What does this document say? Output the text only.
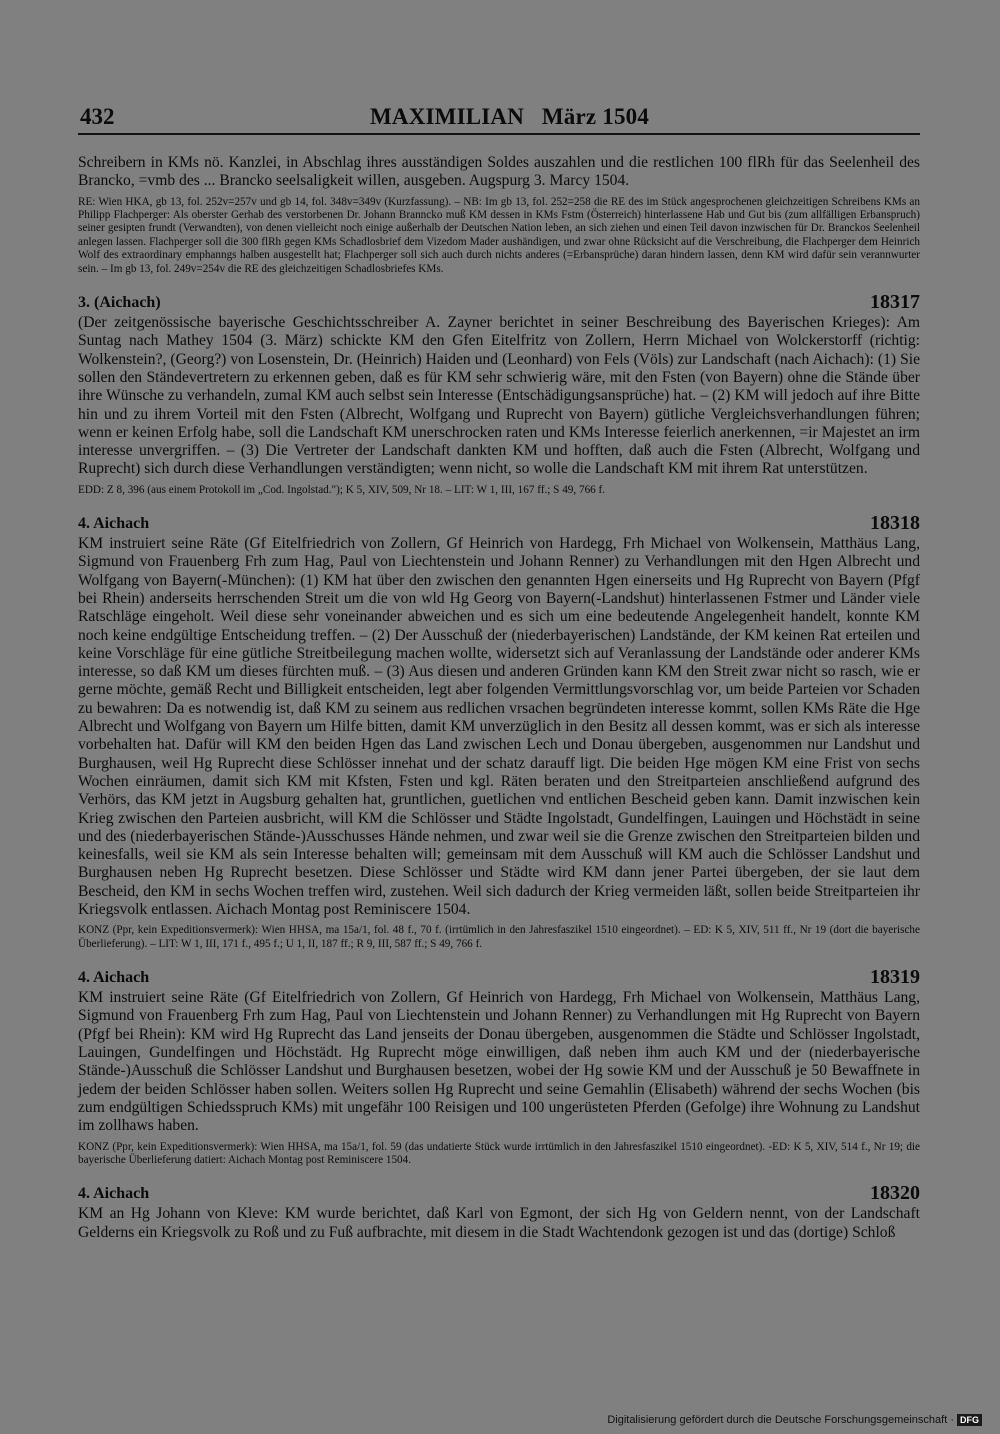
432	MAXIMILIAN   März 1504

Schreibern in KMs nö. Kanzlei, in Abschlag ihres ausständigen Soldes auszahlen und die restlichen 100 flRh für das Seelenheil des Brancko, =vmb des ... Brancko seelsaligkeit willen, ausgeben. Augspurg 3. Marcy 1504.

RE: Wien HKA, gb 13, fol. 252v=257v und gb 14, fol. 348v=349v (Kurzfassung). – NB: Im gb 13, fol. 252=258 die RE des im Stück angesprochenen gleichzeitigen Schreibens KMs an Philipp Flachperger: Als oberster Gerhab des verstorbenen Dr. Johann Branncko muß KM dessen in KMs Fstm (Österreich) hinterlassene Hab und Gut bis (zum allfälligen Erbanspruch) seiner gesipten frundt (Verwandten), von denen vielleicht noch einige außerhalb der Deutschen Nation leben, an sich ziehen und einen Teil davon inzwischen für Dr. Branckos Seelenheil anlegen lassen. Flachperger soll die 300 flRh gegen KMs Schadlosbrief dem Vizedom Mader aushändigen, und zwar ohne Rücksicht auf die Verschreibung, die Flachperger dem Heinrich Wolf des extraordinary emphanngs halben ausgestellt hat; Flachperger soll sich auch durch nichts anderes (=Erbansprüche) daran hindern lassen, denn KM wird dafür sein verannwurter sein. – Im gb 13, fol. 249v=254v die RE des gleichzeitigen Schadlosbriefes KMs.

3. (Aichach)	18317

(Der zeitgenössische bayerische Geschichtsschreiber A. Zayner berichtet in seiner Beschreibung des Bayerischen Krieges): Am Suntag nach Mathey 1504 (3. März) schickte KM den Gfen Eitelfritz von Zollern, Herrn Michael von Wolckerstorff (richtig: Wolkenstein?, (Georg?) von Losenstein, Dr. (Heinrich) Haiden und (Leonhard) von Fels (Völs) zur Landschaft (nach Aichach): (1) Sie sollen den Ständevertretern zu erkennen geben, daß es für KM sehr schwierig wäre, mit den Fsten (von Bayern) ohne die Stände über ihre Wünsche zu verhandeln, zumal KM auch selbst sein Interesse (Entschädigungsansprüche) hat. – (2) KM will jedoch auf ihre Bitte hin und zu ihrem Vorteil mit den Fsten (Albrecht, Wolfgang und Ruprecht von Bayern) gütliche Vergleichsverhandlungen führen; wenn er keinen Erfolg habe, soll die Landschaft KM unerschrocken raten und KMs Interesse feierlich anerkennen, =ir Majestet an irm interesse unvergriffen. – (3) Die Vertreter der Landschaft dankten KM und hofften, daß auch die Fsten (Albrecht, Wolfgang und Ruprecht) sich durch diese Verhandlungen verständigten; wenn nicht, so wolle die Landschaft KM mit ihrem Rat unterstützen.

EDD: Z 8, 396 (aus einem Protokoll im „Cod. Ingolstad."); K 5, XIV, 509, Nr 18. – LIT: W 1, III, 167 ff.; S 49, 766 f.

4. Aichach	18318

KM instruiert seine Räte (Gf Eitelfriedrich von Zollern, Gf Heinrich von Hardegg, Frh Michael von Wolkensein, Matthäus Lang, Sigmund von Frauenberg Frh zum Hag, Paul von Liechtenstein und Johann Renner) zu Verhandlungen mit den Hgen Albrecht und Wolfgang von Bayern(-München): (1) KM hat über den zwischen den genannten Hgen einerseits und Hg Ruprecht von Bayern (Pfgf bei Rhein) anderseits herrschenden Streit um die von wld Hg Georg von Bayern(-Landshut) hinterlassenen Fstmer und Länder viele Ratschläge eingeholt. Weil diese sehr voneinander abweichen und es sich um eine bedeutende Angelegenheit handelt, konnte KM noch keine endgültige Entscheidung treffen. – (2) Der Ausschuß der (niederbayerischen) Landstände, der KM keinen Rat erteilen und keine Vorschläge für eine gütliche Streitbeilegung machen wollte, widersetzt sich auf Veranlassung der Landstände oder anderer KMs interesse, so daß KM um dieses fürchten muß. – (3) Aus diesen und anderen Gründen kann KM den Streit zwar nicht so rasch, wie er gerne möchte, gemäß Recht und Billigkeit entscheiden, legt aber folgenden Vermittlungsvorschlag vor, um beide Parteien vor Schaden zu bewahren: Da es notwendig ist, daß KM zu seinem aus redlichen vrsachen begründeten interesse kommt, sollen KMs Räte die Hge Albrecht und Wolfgang von Bayern um Hilfe bitten, damit KM unverzüglich in den Besitz all dessen kommt, was er sich als interesse vorbehalten hat. Dafür will KM den beiden Hgen das Land zwischen Lech und Donau übergeben, ausgenommen nur Landshut und Burghausen, weil Hg Ruprecht diese Schlösser innehat und der schatz darauff ligt. Die beiden Hge mögen KM eine Frist von sechs Wochen einräumen, damit sich KM mit Kfsten, Fsten und kgl. Räten beraten und den Streitparteien anschließend aufgrund des Verhörs, das KM jetzt in Augsburg gehalten hat, gruntlichen, guetlichen vnd entlichen Bescheid geben kann. Damit inzwischen kein Krieg zwischen den Parteien ausbricht, will KM die Schlösser und Städte Ingolstadt, Gundelfingen, Lauingen und Höchstädt in seine und des (niederbayerischen Stände-)Ausschusses Hände nehmen, und zwar weil sie die Grenze zwischen den Streitparteien bilden und keinesfalls, weil sie KM als sein Interesse behalten will; gemeinsam mit dem Ausschuß will KM auch die Schlösser Landshut und Burghausen neben Hg Ruprecht besetzen. Diese Schlösser und Städte wird KM dann jener Partei übergeben, der sie laut dem Bescheid, den KM in sechs Wochen treffen wird, zustehen. Weil sich dadurch der Krieg vermeiden läßt, sollen beide Streitparteien ihr Kriegsvolk entlassen. Aichach Montag post Reminiscere 1504.

KONZ (Ppr, kein Expeditionsvermerk): Wien HHSA, ma 15a/1, fol. 48 f., 70 f. (irrtümlich in den Jahresfaszikel 1510 eingeordnet). – ED: K 5, XIV, 511 ff., Nr 19 (dort die bayerische Überlieferung). – LIT: W 1, III, 171 f., 495 f.; U 1, II, 187 ff.; R 9, III, 587 ff.; S 49, 766 f.

4. Aichach	18319

KM instruiert seine Räte (Gf Eitelfriedrich von Zollern, Gf Heinrich von Hardegg, Frh Michael von Wolkensein, Matthäus Lang, Sigmund von Frauenberg Frh zum Hag, Paul von Liechtenstein und Johann Renner) zu Verhandlungen mit Hg Ruprecht von Bayern (Pfgf bei Rhein): KM wird Hg Ruprecht das Land jenseits der Donau übergeben, ausgenommen die Städte und Schlösser Ingolstadt, Lauingen, Gundelfingen und Höchstädt. Hg Ruprecht möge einwilligen, daß neben ihm auch KM und der (niederbayerische Stände-)Ausschuß die Schlösser Landshut und Burghausen besetzen, wobei der Hg sowie KM und der Ausschuß je 50 Bewaffnete in jedem der beiden Schlösser haben sollen. Weiters sollen Hg Ruprecht und seine Gemahlin (Elisabeth) während der sechs Wochen (bis zum endgültigen Schiedsspruch KMs) mit ungefähr 100 Reisigen und 100 ungerüsteten Pferden (Gefolge) ihre Wohnung zu Landshut im zollhaws haben.

KONZ (Ppr, kein Expeditionsvermerk): Wien HHSA, ma 15a/1, fol. 59 (das undatierte Stück wurde irrtümlich in den Jahresfaszikel 1510 eingeordnet). -ED: K 5, XIV, 514 f., Nr 19; die bayerische Überlieferung datiert: Aichach Montag post Reminiscere 1504.

4. Aichach	18320

KM an Hg Johann von Kleve: KM wurde berichtet, daß Karl von Egmont, der sich Hg von Geldern nennt, von der Landschaft Gelderns ein Kriegsvolk zu Roß und zu Fuß aufbrachte, mit diesem in die Stadt Wachtendonk gezogen ist und das (dortige) Schloß

Digitalisierung gefördert durch die Deutsche Forschungsgemeinschaft · DFG
